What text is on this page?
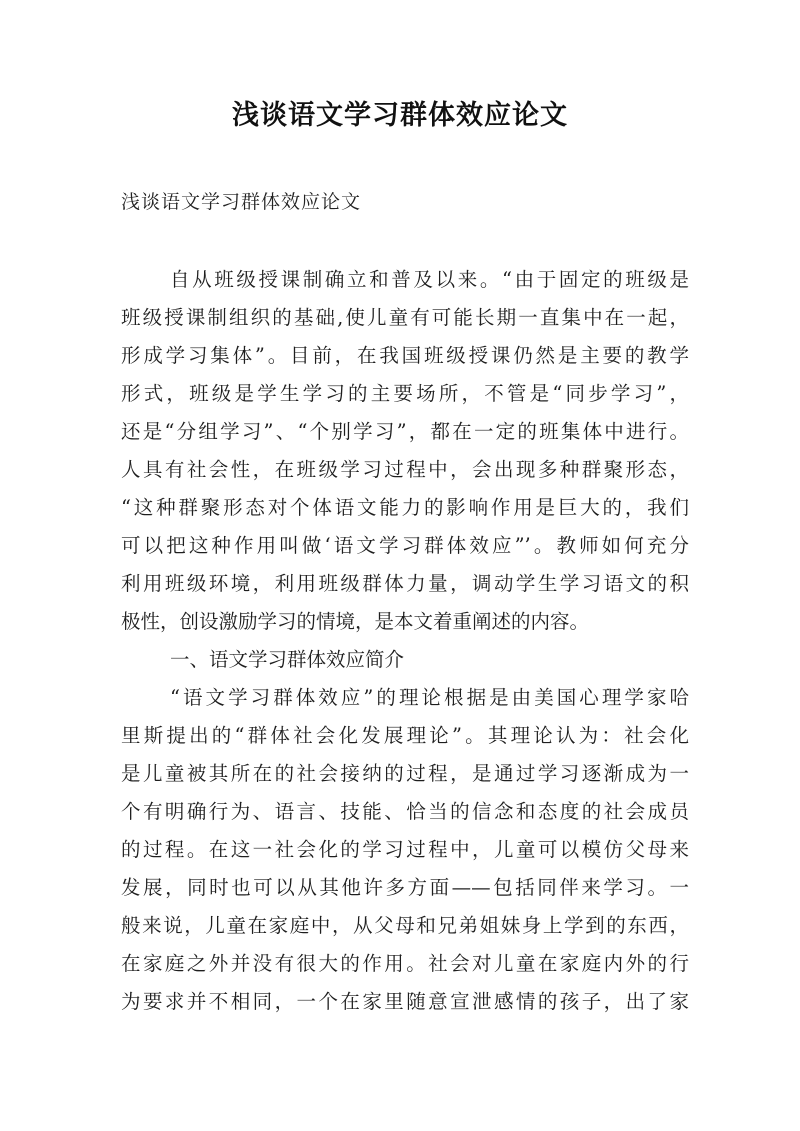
浅谈语文学习群体效应论文
浅谈语文学习群体效应论文
自从班级授课制确立和普及以来。“由于固定的班级是
班级授课制组织的基础,使儿童有可能长期一直集中在一起，
形成学习集体”。目前，在我国班级授课仍然是主要的教学
形式，班级是学生学习的主要场所，不管是“同步学习”，
还是“分组学习”、“个别学习”，都在一定的班集体中进行。
人具有社会性，在班级学习过程中，会出现多种群聚形态，
“这种群聚形态对个体语文能力的影响作用是巨大的，我们
可以把这种作用叫做‘语文学习群体效应”’。教师如何充分
利用班级环境，利用班级群体力量，调动学生学习语文的积
极性，创设激励学习的情境，是本文着重阐述的内容。
一、语文学习群体效应简介
“语文学习群体效应”的理论根据是由美国心理学家哈
里斯提出的“群体社会化发展理论”。其理论认为：社会化
是儿童被其所在的社会接纳的过程，是通过学习逐渐成为一
个有明确行为、语言、技能、恰当的信念和态度的社会成员
的过程。在这一社会化的学习过程中，儿童可以模仿父母来
发展，同时也可以从其他许多方面——包括同伴来学习。一
般来说，儿童在家庭中，从父母和兄弟姐妹身上学到的东西，
在家庭之外并没有很大的作用。社会对儿童在家庭内外的行
为要求并不相同，一个在家里随意宣泄感情的孩子，出了家
